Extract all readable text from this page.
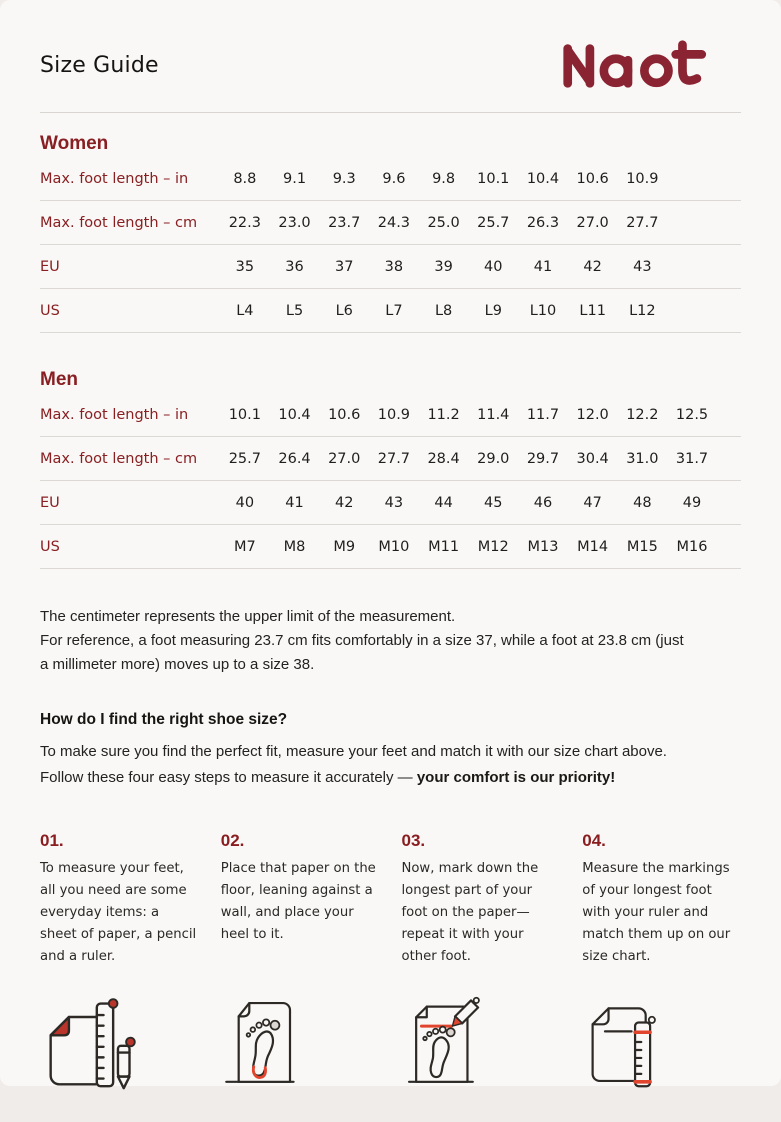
Size Guide
Women
Max. foot length – in	8.8	9.1	9.3	9.6	9.8	10.1	10.4	10.6	10.9
Max. foot length – cm	22.3	23.0	23.7	24.3	25.0	25.7	26.3	27.0	27.7
EU	35	36	37	38	39	40	41	42	43
US	L4	L5	L6	L7	L8	L9	L10	L11	L12
Men
Max. foot length – in	10.1	10.4	10.6	10.9	11.2	11.4	11.7	12.0	12.2	12.5
Max. foot length – cm	25.7	26.4	27.0	27.7	28.4	29.0	29.7	30.4	31.0	31.7
EU	40	41	42	43	44	45	46	47	48	49
US	M7	M8	M9	M10	M11	M12	M13	M14	M15	M16

The centimeter represents the upper limit of the measurement.

For reference, a foot measuring 23.7 cm fits comfortably in a size 37, while a foot at 23.8 cm (just a millimeter more) moves up to a size 38.

How do I find the right shoe size?

To make sure you find the perfect fit, measure your feet and match it with our size chart above. Follow these four easy steps to measure it accurately — your comfort is our priority!

01.
To measure your feet, all you need are some everyday items: a sheet of paper, a pencil and a ruler.
02.
Place that paper on the floor, leaning against a wall, and place your heel to it.
03.
Now, mark down the longest part of your foot on the paper—repeat it with your other foot.
04.
Measure the markings of your longest foot with your ruler and match them up on our size chart.
